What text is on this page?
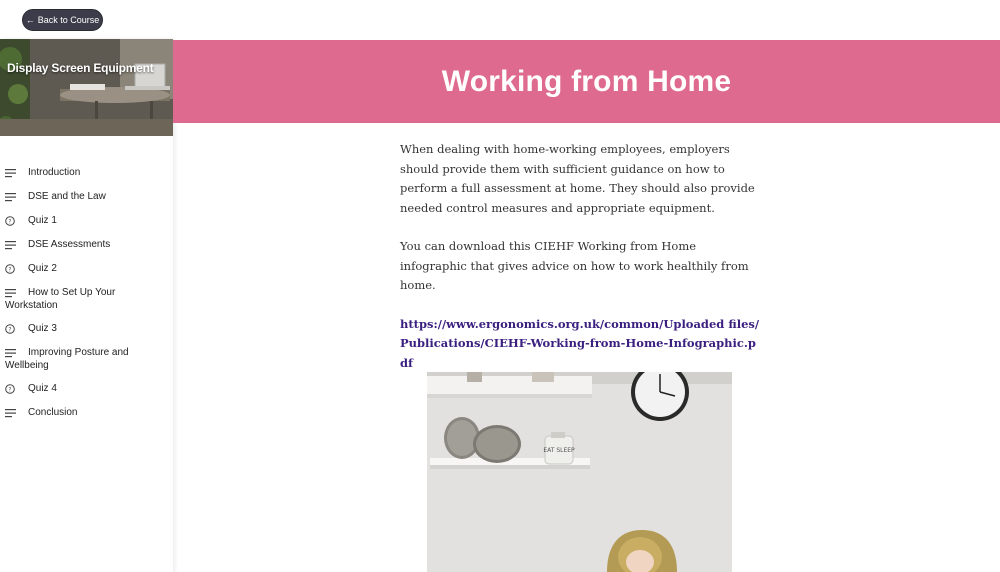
← Back to Course
Display Screen Equipment
Introduction
DSE and the Law
? Quiz 1
DSE Assessments
? Quiz 2
How to Set Up Your Workstation
? Quiz 3
Improving Posture and Wellbeing
? Quiz 4
Conclusion
Working from Home

When dealing with home-working employees, employers should provide them with sufficient guidance on how to perform a full assessment at home. They should also provide needed control measures and appropriate equipment.

You can download this CIEHF Working from Home infographic that gives advice on how to work healthily from home.

https://www.ergonomics.org.uk/common/Uploaded files/Publications/CIEHF-Working-from-Home-Infographic.pdf

EAT SLEEP
